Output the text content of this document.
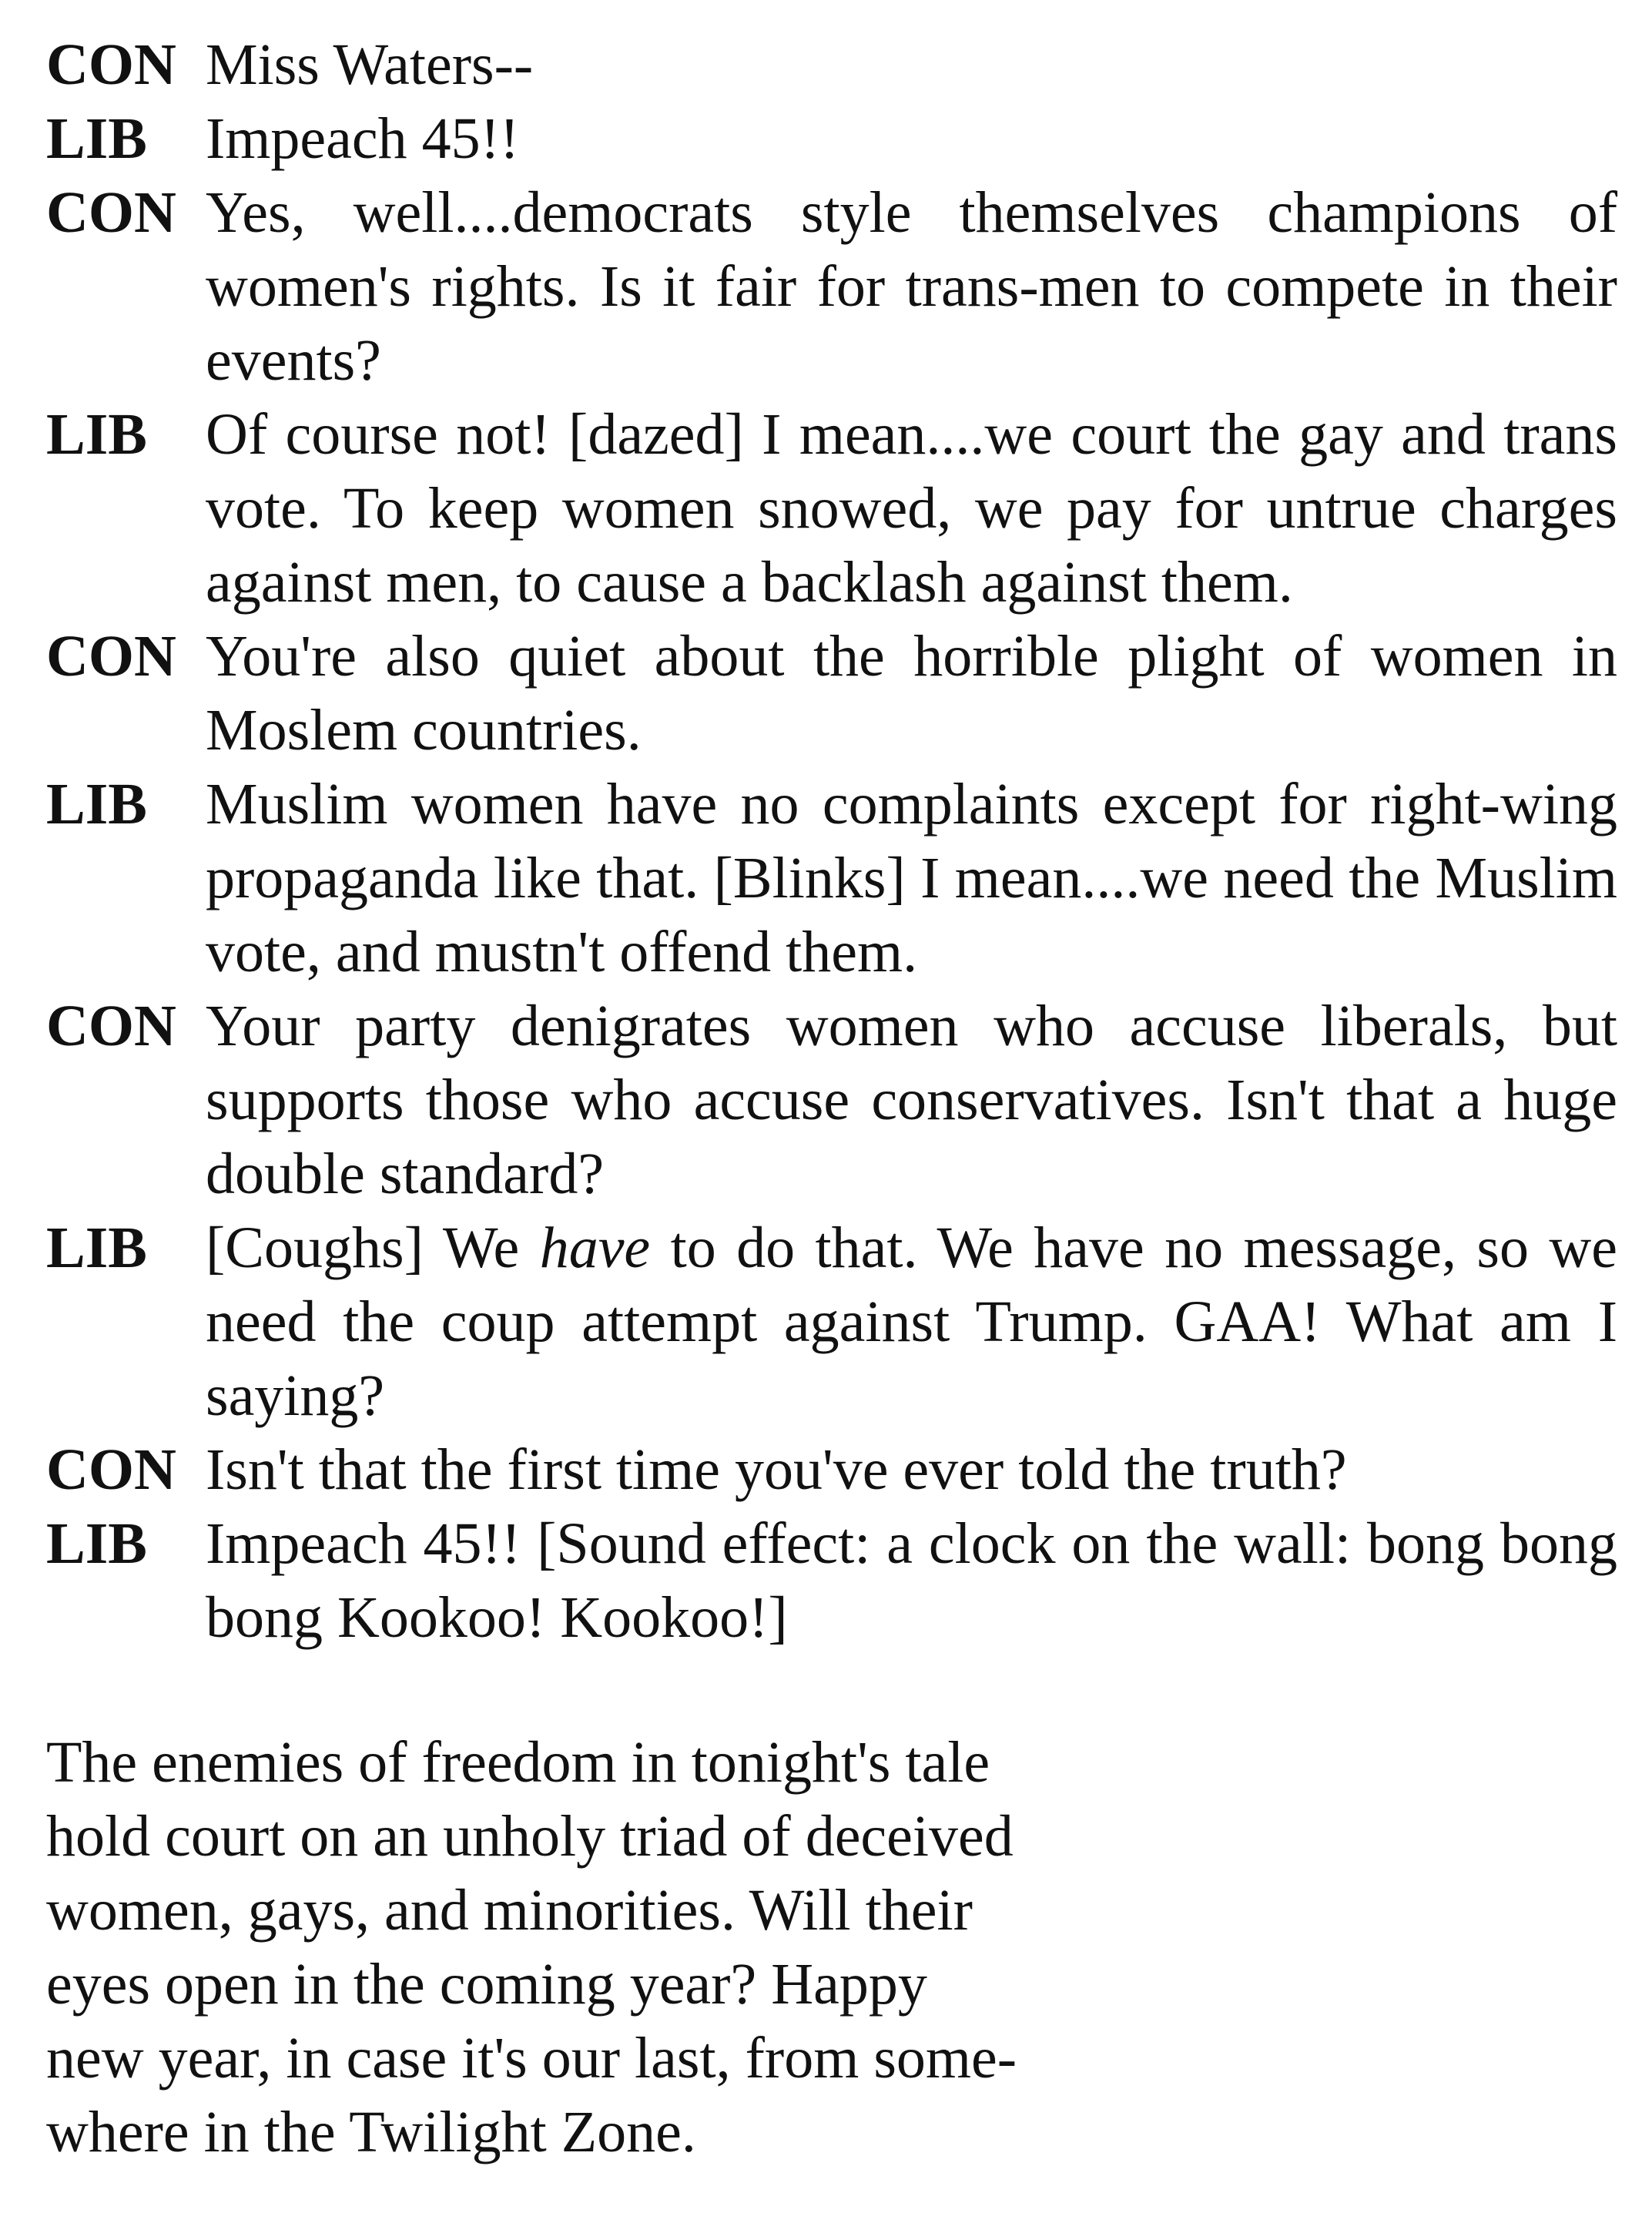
CON Miss Waters--
LIB	Impeach 45!!
CON Yes, well....democrats style themselves champions of women's rights. Is it fair for trans-men to compete in their events?
LIB	Of course not! [dazed] I mean....we court the gay and trans vote. To keep women snowed, we pay for untrue charges against men, to cause a backlash against them.
CON You're also quiet about the horrible plight of women in Moslem countries.
LIB	Muslim women have no complaints except for right-wing propaganda like that. [Blinks] I mean....we need the Muslim vote, and mustn't offend them.
CON Your party denigrates women who accuse liberals, but supports those who accuse conservatives. Isn't that a huge double standard?
LIB	[Coughs] We have to do that. We have no message, so we need the coup attempt against Trump. GAA! What am I saying?
CON Isn't that the first time you've ever told the truth?
LIB	Impeach 45!! [Sound effect: a clock on the wall: bong bong bong Kookoo! Kookoo!]
The enemies of freedom in tonight's tale
hold court on an unholy triad of deceived
women, gays, and minorities. Will their
eyes open in the coming year? Happy
new year, in case it's our last, from some-
where in the Twilight Zone.
